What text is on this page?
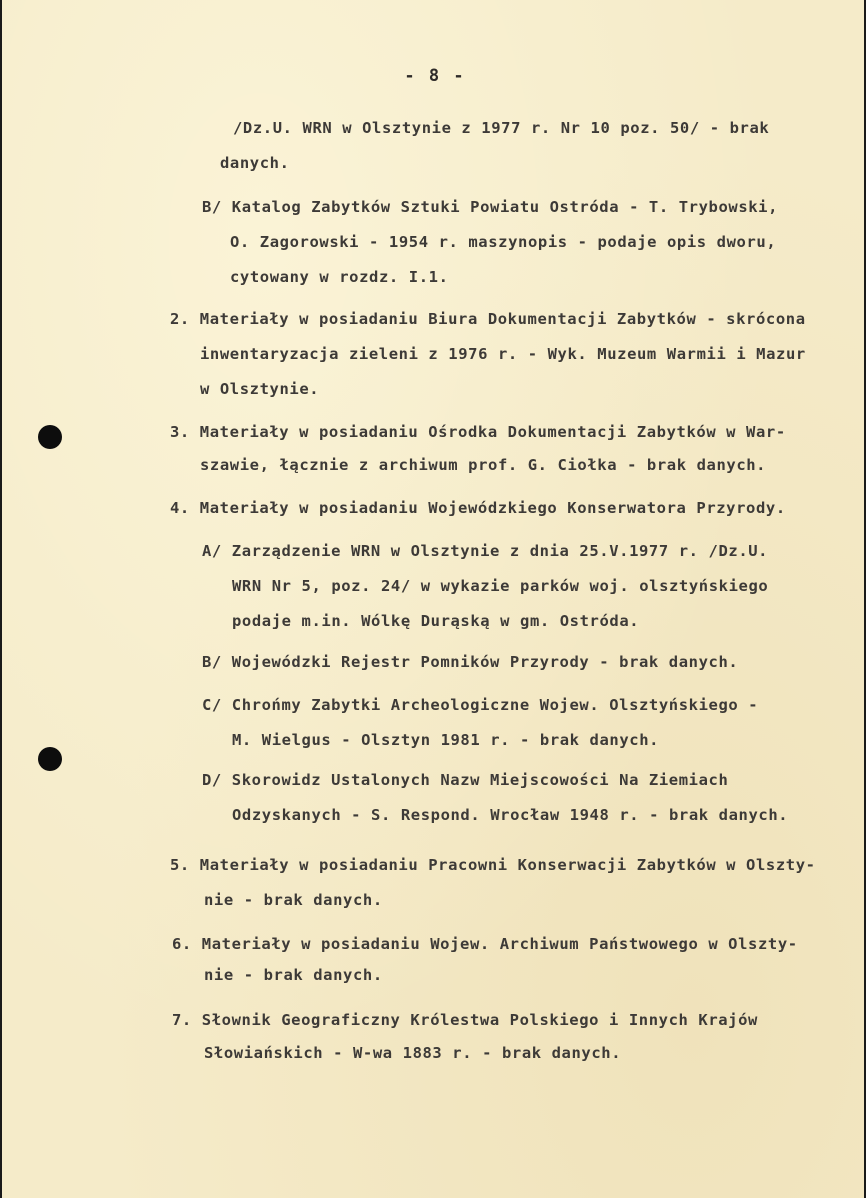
- 8 -
/Dz.U. WRN w Olsztynie z 1977 r. Nr 10 poz. 50/ - brak
danych.
B/ Katalog Zabytków Sztuki Powiatu Ostróda - T. Trybowski,
O. Zagorowski - 1954 r. maszynopis - podaje opis dworu,
cytowany w rozdz. I.1.
2. Materiały w posiadaniu Biura Dokumentacji Zabytków - skrócona
inwentaryzacja zieleni z 1976 r. - Wyk. Muzeum Warmii i Mazur
w Olsztynie.
3. Materiały w posiadaniu Ośrodka Dokumentacji Zabytków w War-
szawie, łącznie z archiwum prof. G. Ciołka - brak danych.
4. Materiały w posiadaniu Wojewódzkiego Konserwatora Przyrody.
A/ Zarządzenie WRN w Olsztynie z dnia 25.V.1977 r. /Dz.U.
WRN Nr 5, poz. 24/ w wykazie parków woj. olsztyńskiego
podaje m.in. Wólkę Durąską w gm. Ostróda.
B/ Wojewódzki Rejestr Pomników Przyrody - brak danych.
C/ Chrońmy Zabytki Archeologiczne Wojew. Olsztyńskiego -
M. Wielgus - Olsztyn 1981 r. - brak danych.
D/ Skorowidz Ustalonych Nazw Miejscowości Na Ziemiach
Odzyskanych - S. Respond. Wrocław 1948 r. - brak danych.
5. Materiały w posiadaniu Pracowni Konserwacji Zabytków w Olszty-
nie - brak danych.
6. Materiały w posiadaniu Wojew. Archiwum Państwowego w Olszty-
nie - brak danych.
7. Słownik Geograficzny Królestwa Polskiego i Innych Krajów
Słowiańskich - W-wa 1883 r. - brak danych.
